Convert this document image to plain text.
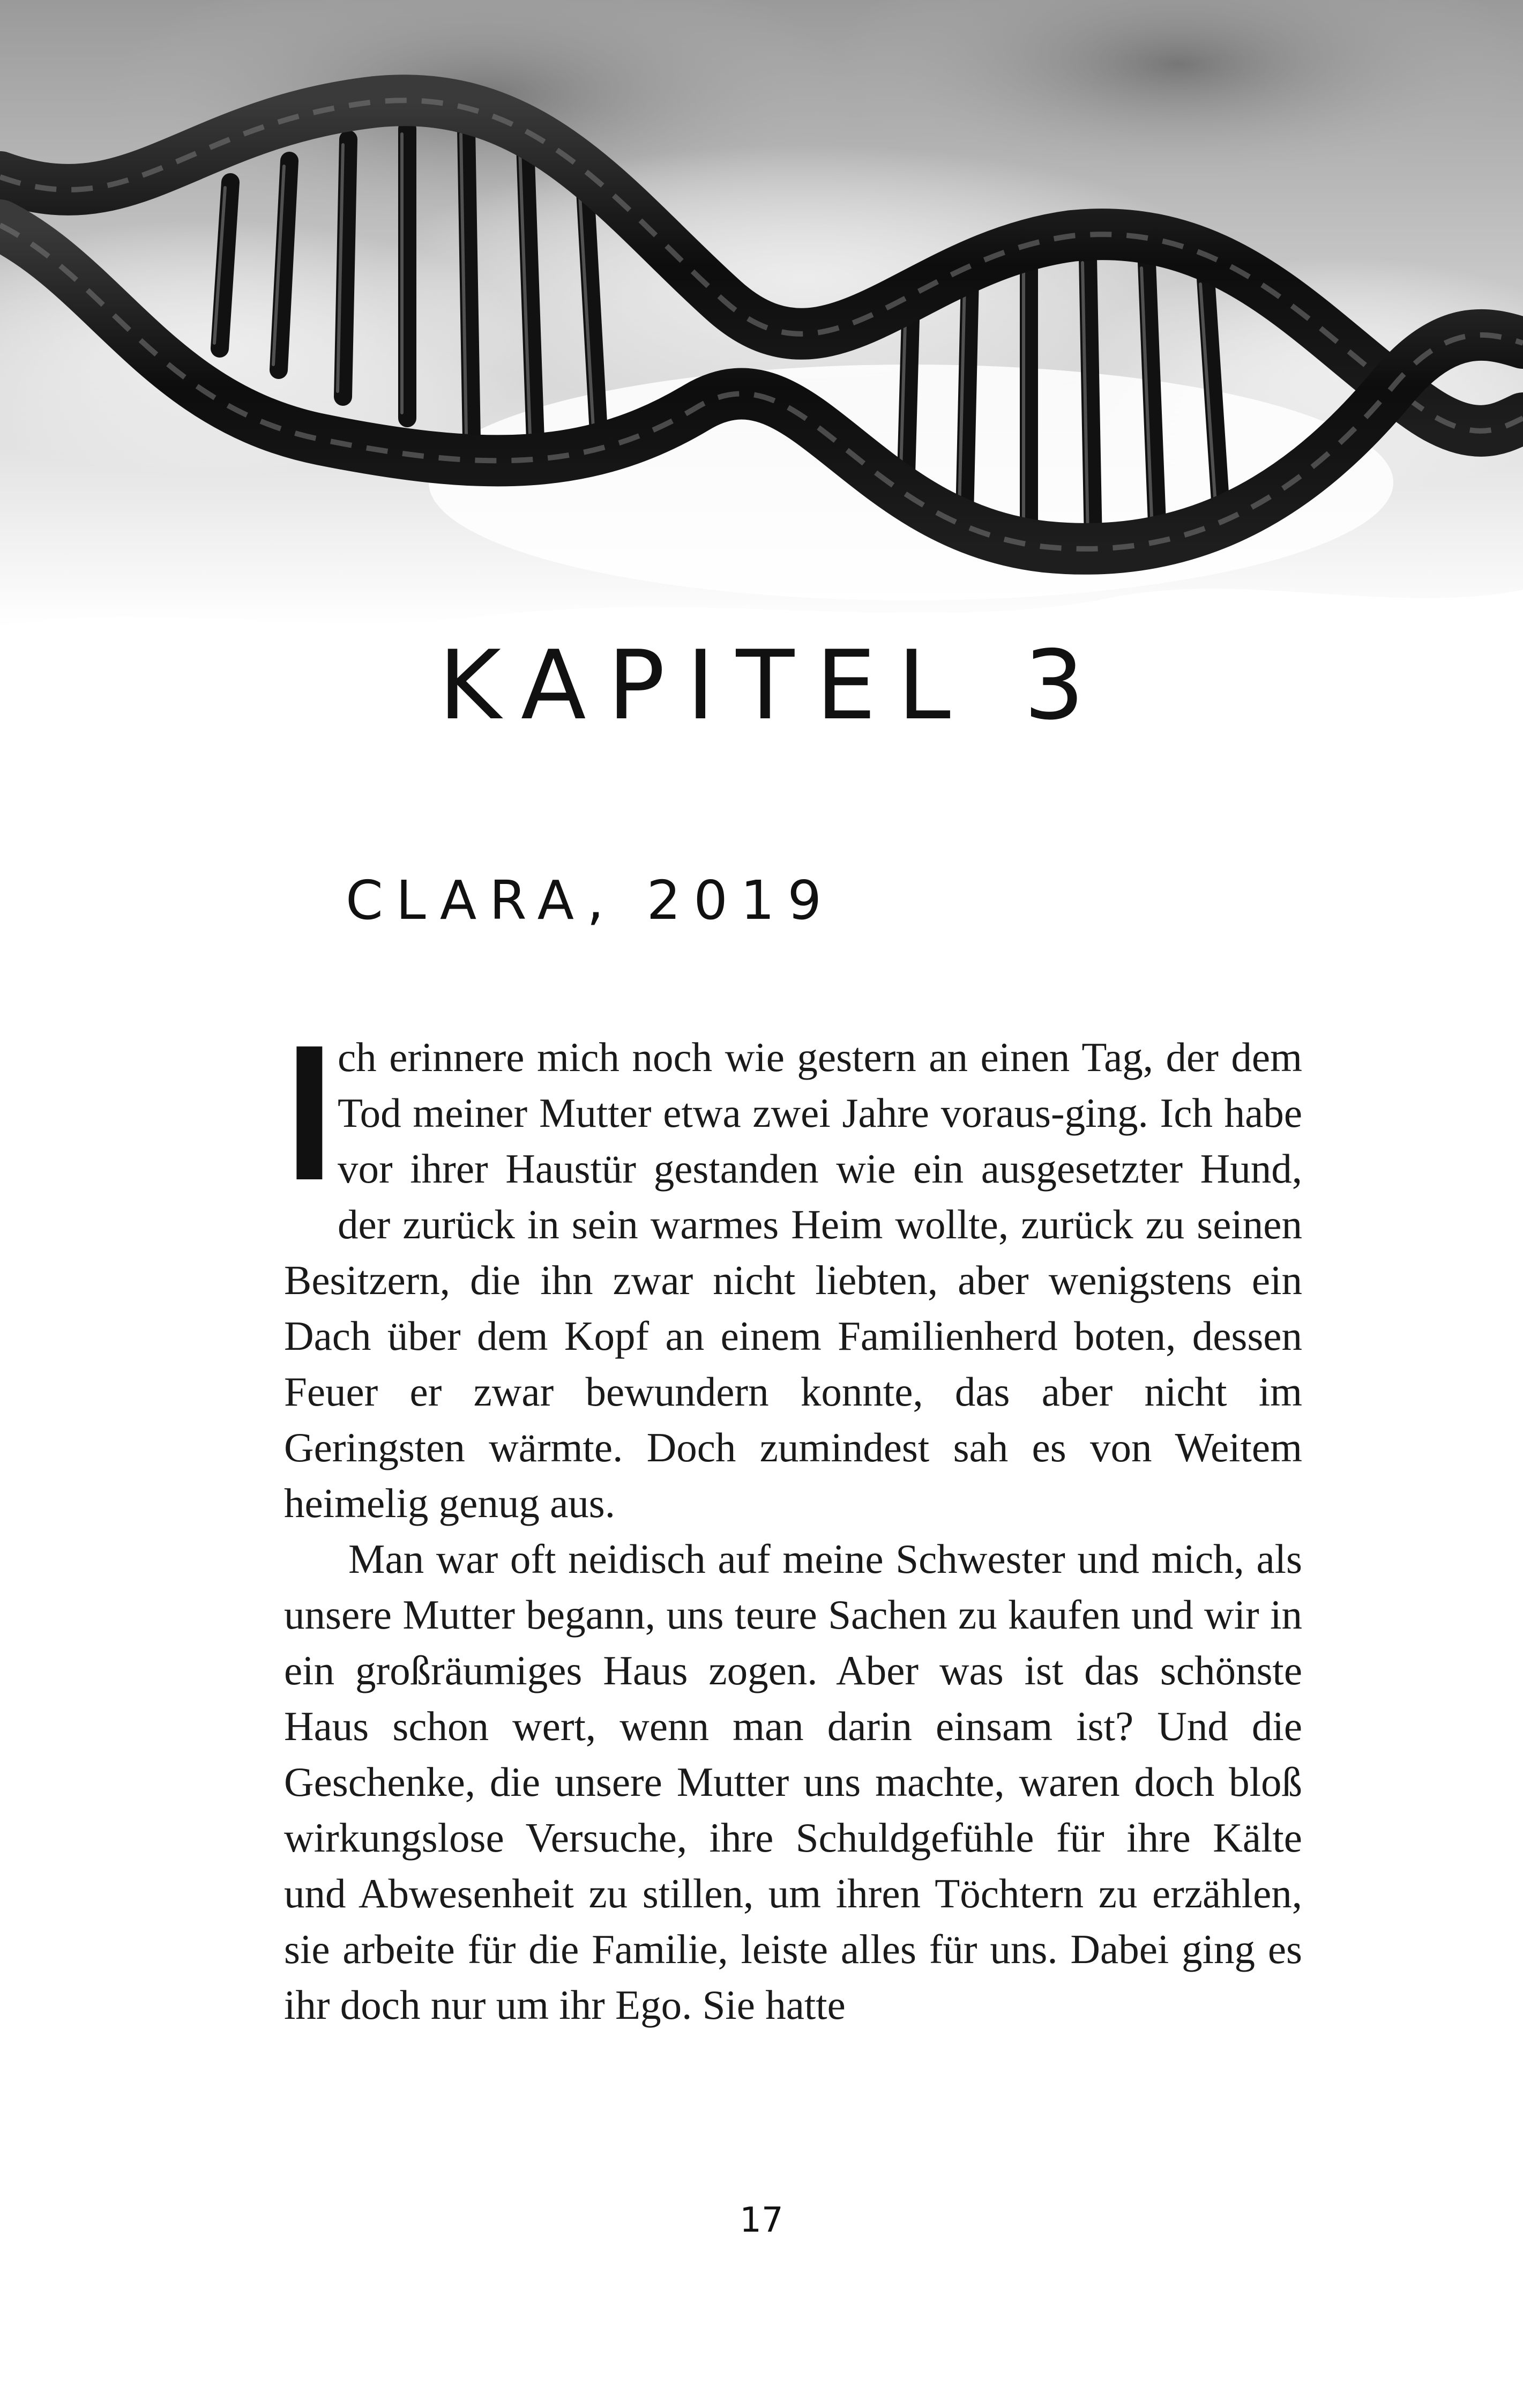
KAPITEL 3
CLARA, 2019

Ich erinnere mich noch wie gestern an einen Tag, der dem Tod meiner Mutter etwa zwei Jahre voraus-ging. Ich habe vor ihrer Haustür gestanden wie ein ausgesetzter Hund, der zurück in sein warmes Heim wollte, zurück zu seinen Besitzern, die ihn zwar nicht liebten, aber wenigstens ein Dach über dem Kopf an einem Familienherd boten, dessen Feuer er zwar bewundern konnte, das aber nicht im Geringsten wärmte. Doch zumindest sah es von Weitem heimelig genug aus.

Man war oft neidisch auf meine Schwester und mich, als unsere Mutter begann, uns teure Sachen zu kaufen und wir in ein großräumiges Haus zogen. Aber was ist das schönste Haus schon wert, wenn man darin einsam ist? Und die Geschenke, die unsere Mutter uns machte, waren doch bloß wirkungslose Versuche, ihre Schuldgefühle für ihre Kälte und Abwesenheit zu stillen, um ihren Töchtern zu erzählen, sie arbeite für die Familie, leiste alles für uns. Dabei ging es ihr doch nur um ihr Ego. Sie hatte

17
